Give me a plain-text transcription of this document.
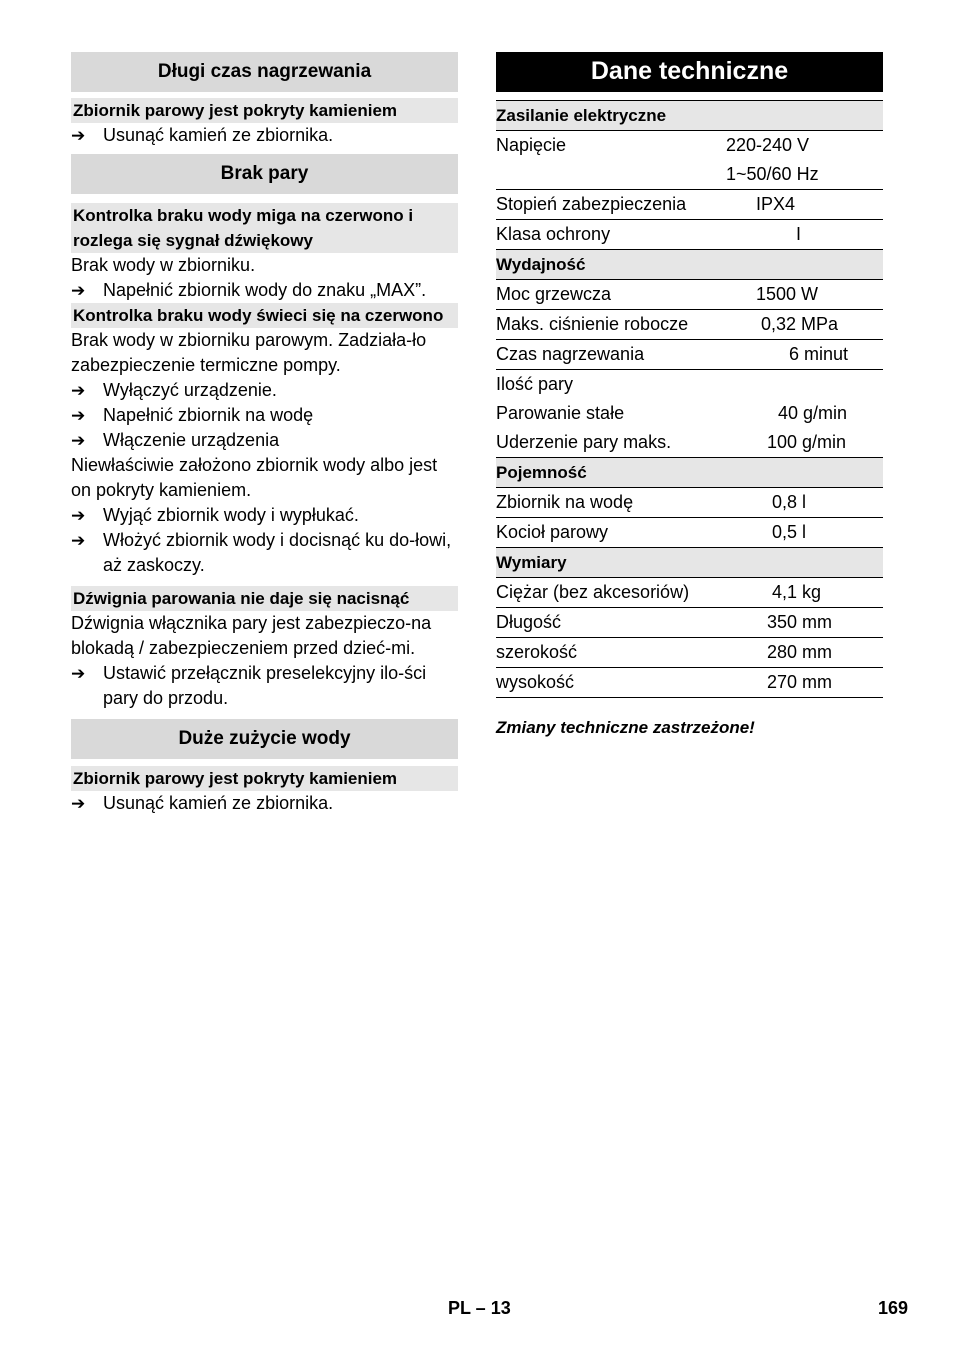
Długi czas nagrzewania
Zbiornik parowy jest pokryty kamieniem
➔ Usunąć kamień ze zbiornika.
Brak pary
Kontrolka braku wody miga na czerwono i rozlega się sygnał dźwiękowy
Brak wody w zbiorniku.
➔ Napełnić zbiornik wody do znaku „MAX”.
Kontrolka braku wody świeci się na czerwono
Brak wody w zbiorniku parowym. Zadziała-ło zabezpieczenie termiczne pompy.
➔ Wyłączyć urządzenie.
➔ Napełnić zbiornik na wodę
➔ Włączenie urządzenia
Niewłaściwie założono zbiornik wody albo jest on pokryty kamieniem.
➔ Wyjąć zbiornik wody i wypłukać.
➔ Włożyć zbiornik wody i docisnąć ku do-łowi, aż zaskoczy.
Dźwignia parowania nie daje się nacisnąć
Dźwignia włącznika pary jest zabezpieczo-na blokadą / zabezpieczeniem przed dzieć-mi.
➔ Ustawić przełącznik preselekcyjny ilo-ści pary do przodu.
Duże zużycie wody
Zbiornik parowy jest pokryty kamieniem
➔ Usunąć kamień ze zbiornika.
Dane techniczne
Zasilanie elektryczne	
Napięcie	220-240 V
	1~50/60 Hz
Stopień zabezpieczenia	IPX4
Klasa ochrony	I
Wydajność	
Moc grzewcza	1500 W
Maks. ciśnienie robocze	0,32 MPa
Czas nagrzewania	6 minut
Ilość pary	
Parowanie stałe	40 g/min
Uderzenie pary maks.	100 g/min
Pojemność	
Zbiornik na wodę	0,8 l
Kocioł parowy	0,5 l
Wymiary	
Ciężar (bez akcesoriów)	4,1 kg
Długość	350 mm
szerokość	280 mm
wysokość	270 mm
Zmiany techniczne zastrzeżone!
PL – 13	169
